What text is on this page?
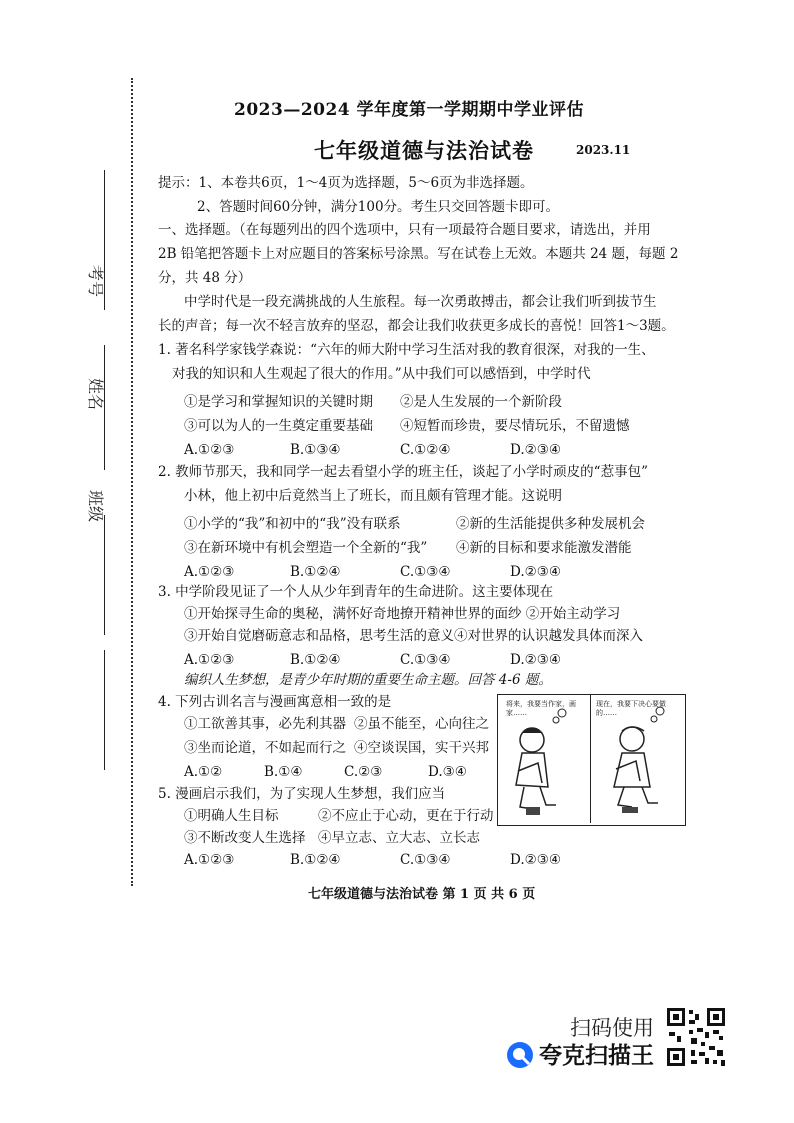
考号
姓名
班级
2023—2024 学年度第一学期期中学业评估
七年级道德与法治试卷	2023.11
提示：1、本卷共6页，1～4页为选择题，5～6页为非选择题。
2、答题时间60分钟，满分100分。考生只交回答题卡即可。
一、选择题。（在每题列出的四个选项中，只有一项最符合题目要求，请选出，并用
2B 铅笔把答题卡上对应题目的答案标号涂黑。写在试卷上无效。本题共 24 题，每题 2
分，共 48 分）
中学时代是一段充满挑战的人生旅程。每一次勇敢搏击，都会让我们听到拔节生
长的声音；每一次不轻言放弃的坚忍，都会让我们收获更多成长的喜悦！回答1～3题。
1. 著名科学家钱学森说：“六年的师大附中学习生活对我的教育很深，对我的一生、
对我的知识和人生观起了很大的作用。”从中我们可以感悟到，中学时代
①是学习和掌握知识的关键时期 ②是人生发展的一个新阶段
③可以为人的一生奠定重要基础 ④短暂而珍贵，要尽情玩乐，不留遗憾
A.①②③	B.①③④	C.①②④	D.②③④
2. 教师节那天，我和同学一起去看望小学的班主任，谈起了小学时顽皮的“惹事包”
小林，他上初中后竟然当上了班长，而且颇有管理才能。这说明
①小学的“我”和初中的“我”没有联系	②新的生活能提供多种发展机会
③在新环境中有机会塑造一个全新的“我” ④新的目标和要求能激发潜能
A.①②③	B.①②④	C.①③④	D.②③④
3. 中学阶段见证了一个人从少年到青年的生命进阶。这主要体现在
①开始探寻生命的奥秘，满怀好奇地撩开精神世界的面纱 ②开始主动学习
③开始自觉磨砺意志和品格，思考生活的意义④对世界的认识越发具体而深入
A.①②③	B.①②④	C.①③④	D.②③④
编织人生梦想，是青少年时期的重要生命主题。回答 4-6 题。
4. 下列古训名言与漫画寓意相一致的是
①工欲善其事，必先利其器 ②虽不能至，心向往之
③坐而论道，不如起而行之 ④空谈误国，实干兴邦
A.①②	B.①④	C.②③	D.③④
5. 漫画启示我们，为了实现人生梦想，我们应当
①明确人生目标	②不应止于心动，更在于行动
③不断改变人生选择 ④早立志、立大志、立长志
A.①②③	B.①②④	C.①③④	D.②③④
将来，我要当作家，画家……
现在，我要下决心要做的……
七年级道德与法治试卷 第 1 页 共 6 页
扫码使用
夸克扫描王
